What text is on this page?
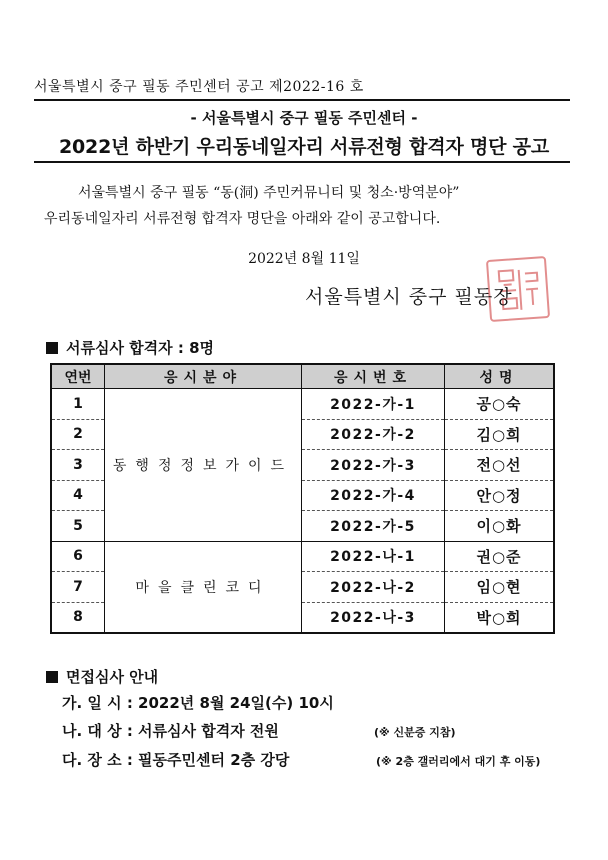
서울특별시 중구 필동 주민센터 공고 제2022-16 호
- 서울특별시 중구 필동 주민센터 -
2022년 하반기 우리동네일자리 서류전형 합격자 명단 공고

서울특별시 중구 필동 “동(洞) 주민커뮤니티 및 청소·방역분야”

우리동네일자리 서류전형 합격자 명단을 아래와 같이 공고합니다.

2022년 8월 11일
서울특별시 중구 필동장
서류심사 합격자 : 8명
연번	응시분야	응시번호	성명
1	동행정정보가이드	2022-가-1	공○숙
2		2022-가-2	김○희
3		2022-가-3	전○선
4		2022-가-4	안○정
5		2022-가-5	이○화
6	마을클린코디	2022-나-1	권○준
7		2022-나-2	임○현
8		2022-나-3	박○희
면접심사 안내
가. 일 시 : 2022년 8월 24일(수) 10시
나. 대 상 : 서류심사 합격자 전원	(※ 신분증 지참)
다. 장 소 : 필동주민센터 2층 강당	(※ 2층 갤러리에서 대기 후 이동)
